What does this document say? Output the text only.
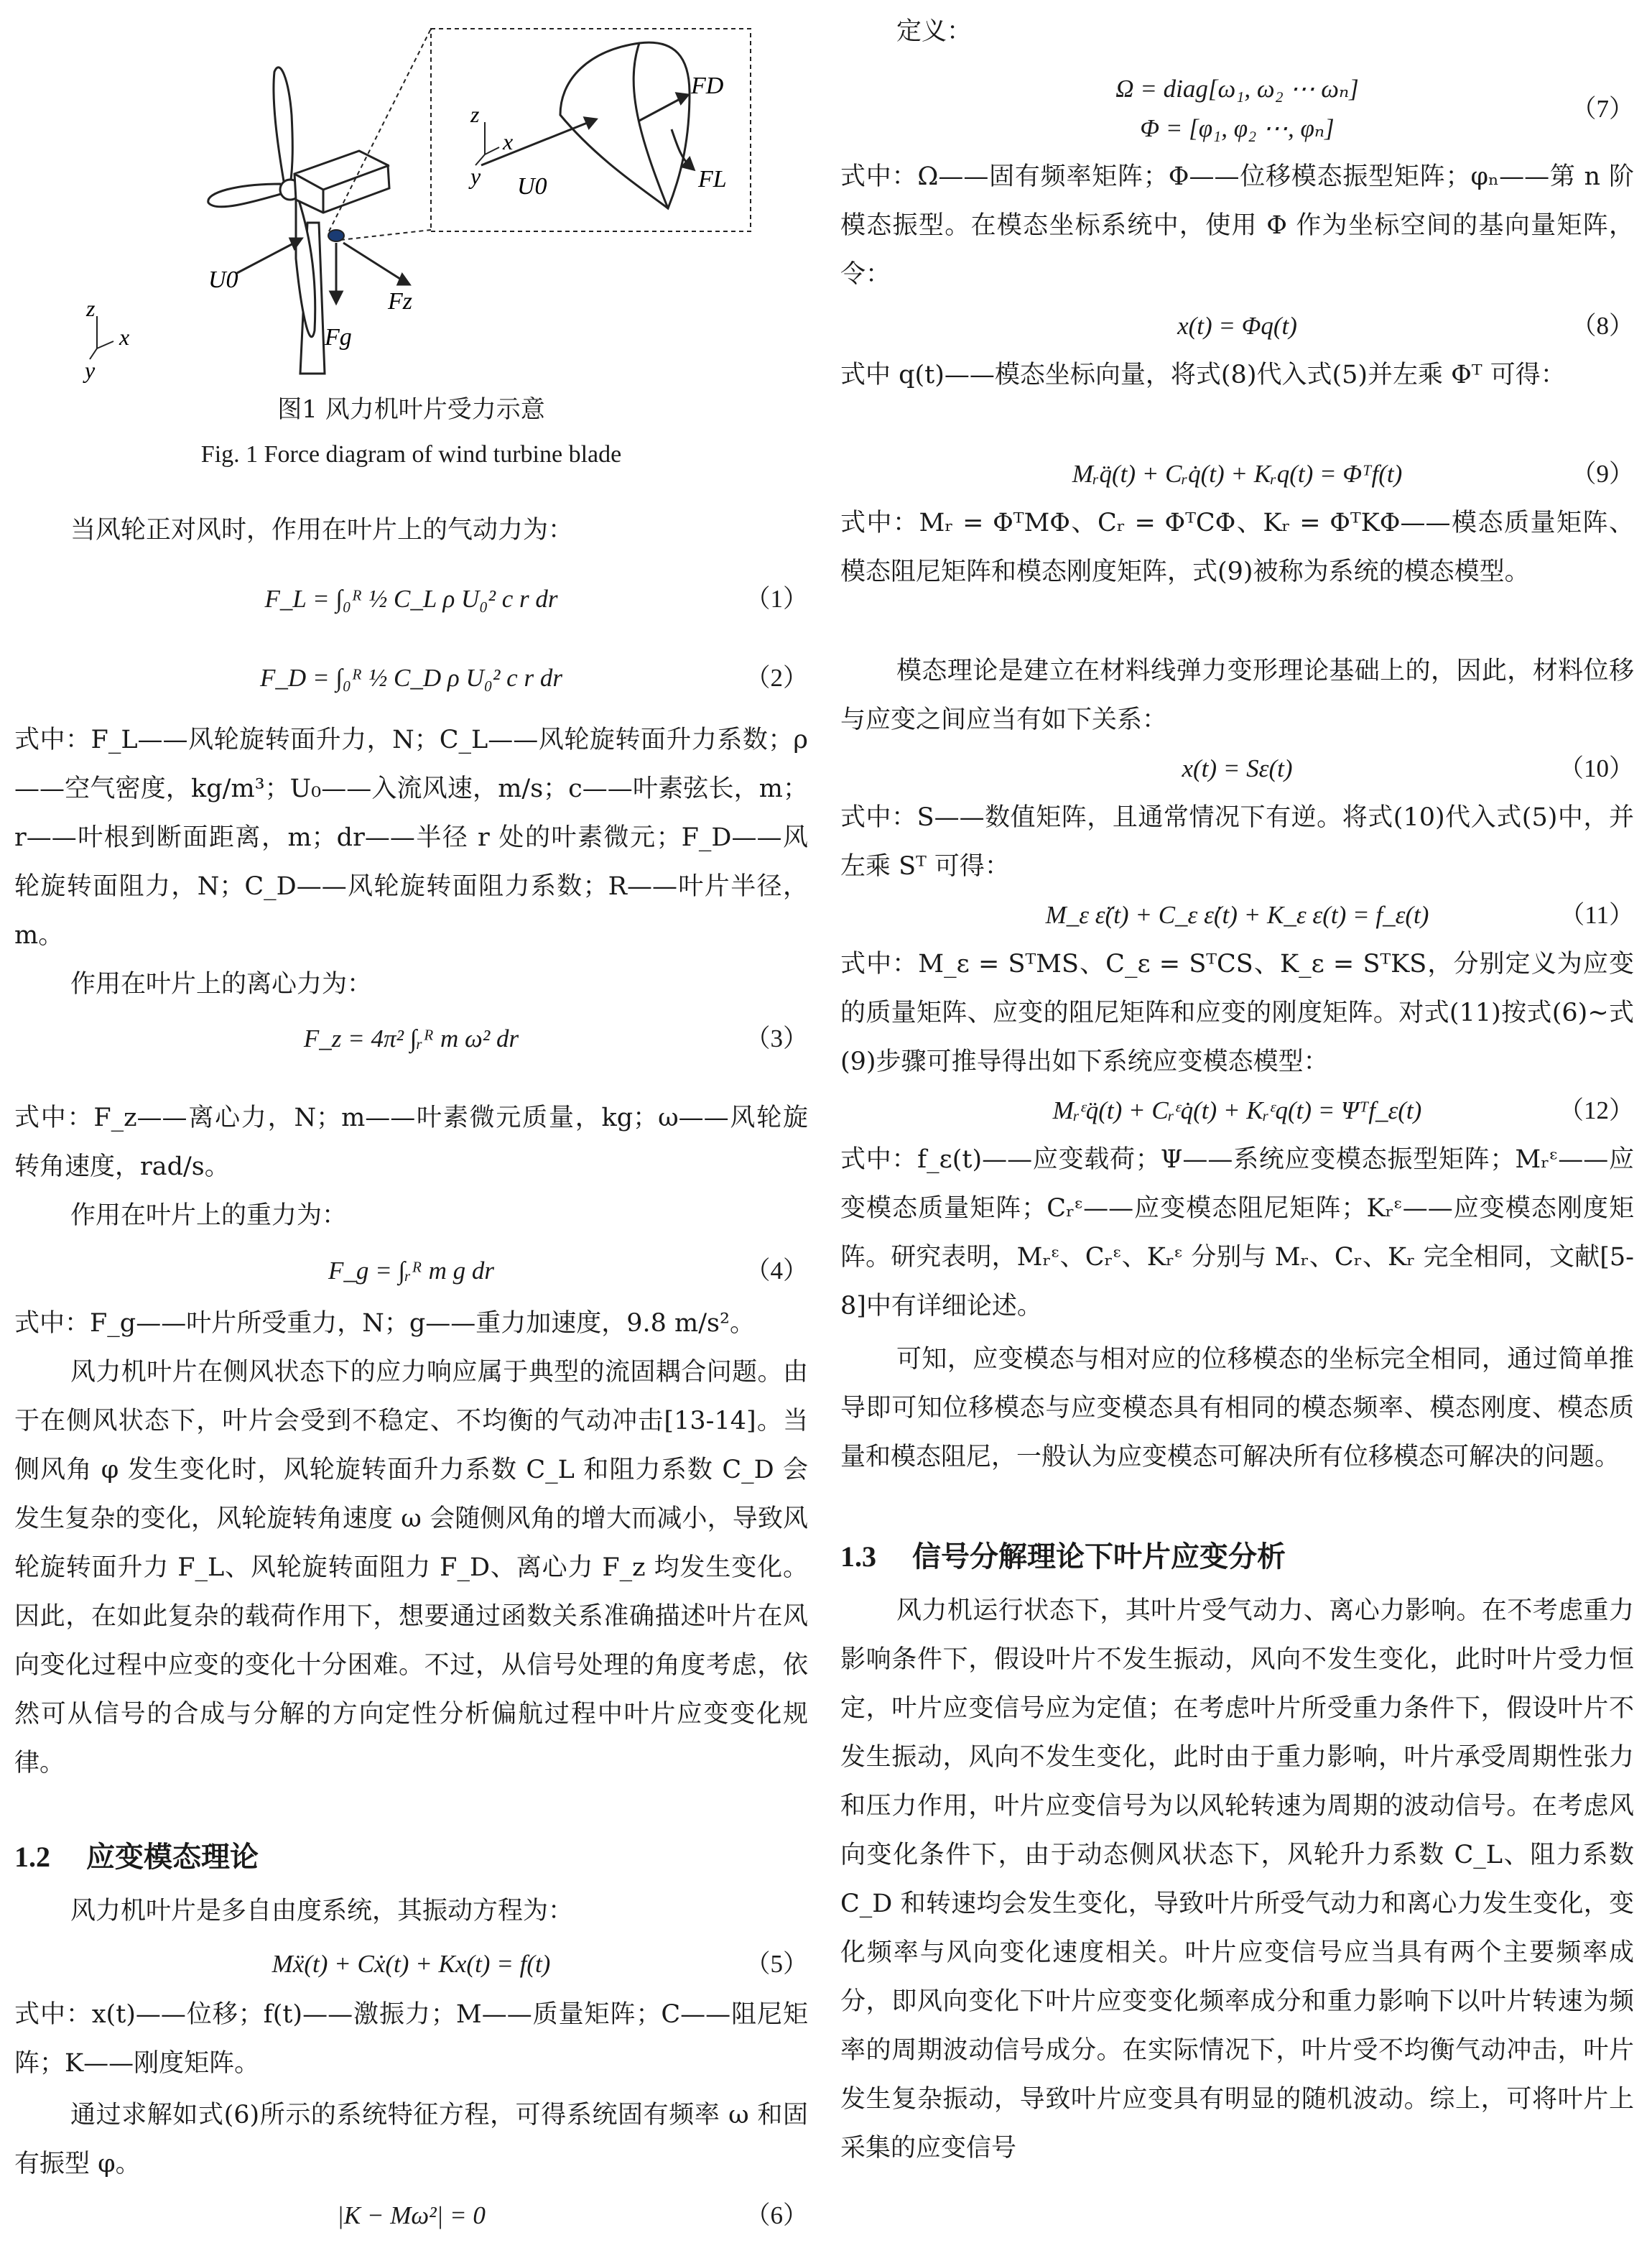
FD
FL
U0
z
x
y
U0
Fz
Fg
z
x
y
图1 风力机叶片受力示意
Fig. 1 Force diagram of wind turbine blade

当风轮正对风时，作用在叶片上的气动力为：

F_L = ∫₀ᴿ ½ C_L ρ U₀² c r dr	（1）
F_D = ∫₀ᴿ ½ C_D ρ U₀² c r dr	（2）

式中：F_L——风轮旋转面升力，N；C_L——风轮旋转面升力系数；ρ——空气密度，kg/m³；U₀——入流风速，m/s；c——叶素弦长，m；r——叶根到断面距离，m；dr——半径 r 处的叶素微元；F_D——风轮旋转面阻力，N；C_D——风轮旋转面阻力系数；R——叶片半径，m。

作用在叶片上的离心力为：

F_z = 4π² ∫ᵣᴿ m ω² dr	（3）

式中：F_z——离心力，N；m——叶素微元质量，kg；ω——风轮旋转角速度，rad/s。

作用在叶片上的重力为：

F_g = ∫ᵣᴿ m g dr	（4）

式中：F_g——叶片所受重力，N；g——重力加速度，9.8 m/s²。

风力机叶片在侧风状态下的应力响应属于典型的流固耦合问题。由于在侧风状态下，叶片会受到不稳定、不均衡的气动冲击[13-14]。当侧风角 φ 发生变化时，风轮旋转面升力系数 C_L 和阻力系数 C_D 会发生复杂的变化，风轮旋转角速度 ω 会随侧风角的增大而减小，导致风轮旋转面升力 F_L、风轮旋转面阻力 F_D、离心力 F_z 均发生变化。因此，在如此复杂的载荷作用下，想要通过函数关系准确描述叶片在风向变化过程中应变的变化十分困难。不过，从信号处理的角度考虑，依然可从信号的合成与分解的方向定性分析偏航过程中叶片应变变化规律。

1.2 应变模态理论

风力机叶片是多自由度系统，其振动方程为：

Mẍ(t) + Cẋ(t) + Kx(t) = f(t)	（5）

式中：x(t)——位移；f(t)——激振力；M——质量矩阵；C——阻尼矩阵；K——刚度矩阵。

通过求解如式(6)所示的系统特征方程，可得系统固有频率 ω 和固有振型 φ。

|K − Mω²| = 0	（6）

定义：

Ω = diag[ω₁, ω₂ ⋯ ωₙ]
Φ = [φ₁, φ₂ ⋯, φₙ]
（7）

式中：Ω——固有频率矩阵；Φ——位移模态振型矩阵；φₙ——第 n 阶模态振型。在模态坐标系统中，使用 Φ 作为坐标空间的基向量矩阵，令：

x(t) = Φq(t)	（8）

式中 q(t)——模态坐标向量，将式(8)代入式(5)并左乘 Φᵀ 可得：

Mᵣq̈(t) + Cᵣq̇(t) + Kᵣq(t) = Φᵀf(t)	（9）

式中：Mᵣ = ΦᵀMΦ、Cᵣ = ΦᵀCΦ、Kᵣ = ΦᵀKΦ——模态质量矩阵、模态阻尼矩阵和模态刚度矩阵，式(9)被称为系统的模态模型。

模态理论是建立在材料线弹力变形理论基础上的，因此，材料位移与应变之间应当有如下关系：

x(t) = Sε(t)	（10）

式中：S——数值矩阵，且通常情况下有逆。将式(10)代入式(5)中，并左乘 Sᵀ 可得：

M_ε ε̈(t) + C_ε ε̇(t) + K_ε ε(t) = f_ε(t)	（11）

式中：M_ε = SᵀMS、C_ε = SᵀCS、K_ε = SᵀKS，分别定义为应变的质量矩阵、应变的阻尼矩阵和应变的刚度矩阵。对式(11)按式(6)~式(9)步骤可推导得出如下系统应变模态模型：

Mᵣᵋq̈(t) + Cᵣᵋq̇(t) + Kᵣᵋq(t) = Ψᵀf_ε(t)	（12）

式中：f_ε(t)——应变载荷；Ψ——系统应变模态振型矩阵；Mᵣᵋ——应变模态质量矩阵；Cᵣᵋ——应变模态阻尼矩阵；Kᵣᵋ——应变模态刚度矩阵。研究表明，Mᵣᵋ、Cᵣᵋ、Kᵣᵋ 分别与 Mᵣ、Cᵣ、Kᵣ 完全相同，文献[5-8]中有详细论述。

可知，应变模态与相对应的位移模态的坐标完全相同，通过简单推导即可知位移模态与应变模态具有相同的模态频率、模态刚度、模态质量和模态阻尼，一般认为应变模态可解决所有位移模态可解决的问题。

1.3 信号分解理论下叶片应变分析

风力机运行状态下，其叶片受气动力、离心力影响。在不考虑重力影响条件下，假设叶片不发生振动，风向不发生变化，此时叶片受力恒定，叶片应变信号应为定值；在考虑叶片所受重力条件下，假设叶片不发生振动，风向不发生变化，此时由于重力影响，叶片承受周期性张力和压力作用，叶片应变信号为以风轮转速为周期的波动信号。在考虑风向变化条件下，由于动态侧风状态下，风轮升力系数 C_L、阻力系数 C_D 和转速均会发生变化，导致叶片所受气动力和离心力发生变化，变化频率与风向变化速度相关。叶片应变信号应当具有两个主要频率成分，即风向变化下叶片应变变化频率成分和重力影响下以叶片转速为频率的周期波动信号成分。在实际情况下，叶片受不均衡气动冲击，叶片发生复杂振动，导致叶片应变具有明显的随机波动。综上，可将叶片上采集的应变信号
